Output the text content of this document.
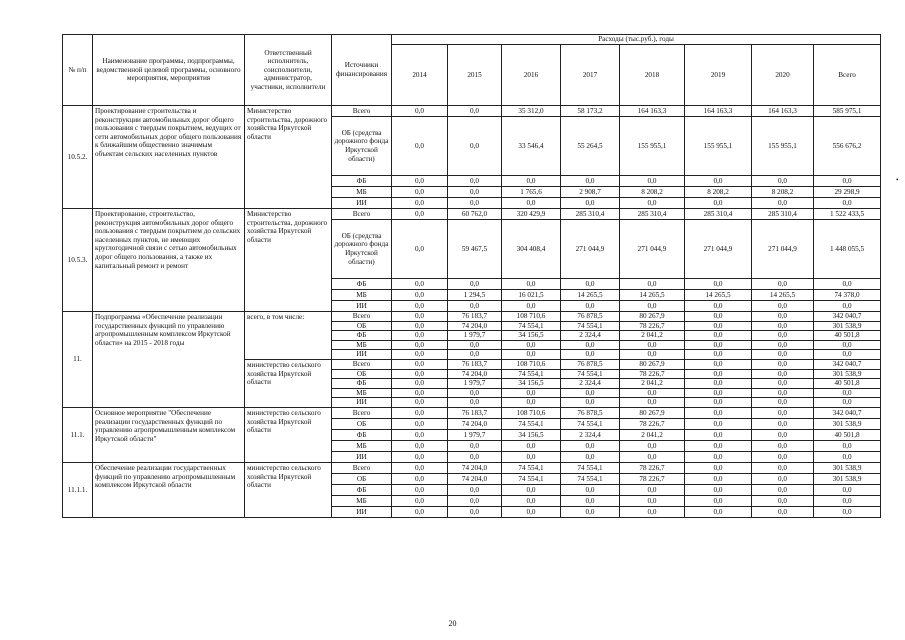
№ п/п	Наименование программы, подпрограммы, ведомственной целевой программы, основного мероприятия, мероприятия	Ответственный исполнитель, соисполнители, администратор, участники, исполнители	Источники финансирования	Расходы (тыс.руб.), годы							
				2014	2015	2016	2017	2018	2019	2020	Всего
10.5.2.	Проектирование строительства и реконструкции автомобильных дорог общего пользования с твердым покрытием, ведущих от сети автомобильных дорог общего пользования к ближайшим общественно значимым объектам сельских населенных пунктов	Министерство строительства, дорожного хозяйства Иркутской области	Всего	0,0	0,0	35 312,0	58 173,2	164 163,3	164 163,3	164 163,3	585 975,1
			ОБ (средства дорожного фонда Иркутской области)	0,0	0,0	33 546,4	55 264,5	155 955,1	155 955,1	155 955,1	556 676,2
			ФБ	0,0	0,0	0,0	0,0	0,0	0,0	0,0	0,0
			МБ	0,0	0,0	1 765,6	2 908,7	8 208,2	8 208,2	8 208,2	29 298,9
			ИИ	0,0	0,0	0,0	0,0	0,0	0,0	0,0	0,0
10.5.3.	Проектирование, строительство, реконструкция автомобильных дорог общего пользования с твердым покрытием до сельских населенных пунктов, не имеющих круглогодичной связи с сетью автомобильных дорог общего пользования, а также их капитальный ремонт и ремонт	Министерство строительства, дорожного хозяйства Иркутской области	Всего	0,0	60 762,0	320 429,9	285 310,4	285 310,4	285 310,4	285 310,4	1 522 433,5
			ОБ (средства дорожного фонда Иркутской области)	0,0	59 467,5	304 408,4	271 044,9	271 044,9	271 044,9	271 044,9	1 448 055,5
			ФБ	0,0	0,0	0,0	0,0	0,0	0,0	0,0	0,0
			МБ	0,0	1 294,5	16 021,5	14 265,5	14 265,5	14 265,5	14 265,5	74 378,0
			ИИ	0,0	0,0	0,0	0,0	0,0	0,0	0,0	0,0
11.	Подпрограмма «Обеспечение реализации государственных функций по управлению агропромышленным комплексом Иркутской области» на 2015 - 2018 годы	всего, в том числе:	Всего	0,0	76 183,7	108 710,6	76 878,5	80 267,9	0,0	0,0	342 040,7
			ОБ	0,0	74 204,0	74 554,1	74 554,1	78 226,7	0,0	0,0	301 538,9
			ФБ	0,0	1 979,7	34 156,5	2 324,4	2 041,2	0,0	0,0	40 501,8
			МБ	0,0	0,0	0,0	0,0	0,0	0,0	0,0	0,0
			ИИ	0,0	0,0	0,0	0,0	0,0	0,0	0,0	0,0
		министерство сельского хозяйства Иркутской области	Всего	0,0	76 183,7	108 710,6	76 878,5	80 267,9	0,0	0,0	342 040,7
			ОБ	0,0	74 204,0	74 554,1	74 554,1	78 226,7	0,0	0,0	301 538,9
			ФБ	0,0	1 979,7	34 156,5	2 324,4	2 041,2	0,0	0,0	40 501,8
			МБ	0,0	0,0	0,0	0,0	0,0	0,0	0,0	0,0
			ИИ	0,0	0,0	0,0	0,0	0,0	0,0	0,0	0,0
11.1.	Основное мероприятие "Обеспечение реализации государственных функций по управлению агропромышленным комплексом Иркутской области"	министерство сельского хозяйства Иркутской области	Всего	0,0	76 183,7	108 710,6	76 878,5	80 267,9	0,0	0,0	342 040,7
			ОБ	0,0	74 204,0	74 554,1	74 554,1	78 226,7	0,0	0,0	301 538,9
			ФБ	0,0	1 979,7	34 156,5	2 324,4	2 041,2	0,0	0,0	40 501,8
			МБ	0,0	0,0	0,0	0,0	0,0	0,0	0,0	0,0
			ИИ	0,0	0,0	0,0	0,0	0,0	0,0	0,0	0,0
11.1.1.	Обеспечение реализации государственных функций по управлению агропромышленным комплексом Иркутской области	министерство сельского хозяйства Иркутской области	Всего	0,0	74 204,0	74 554,1	74 554,1	78 226,7	0,0	0,0	301 538,9
			ОБ	0,0	74 204,0	74 554,1	74 554,1	78 226,7	0,0	0,0	301 538,9
			ФБ	0,0	0,0	0,0	0,0	0,0	0,0	0,0	0,0
			МБ	0,0	0,0	0,0	0,0	0,0	0,0	0,0	0,0
			ИИ	0,0	0,0	0,0	0,0	0,0	0,0	0,0	0,0
20
•
